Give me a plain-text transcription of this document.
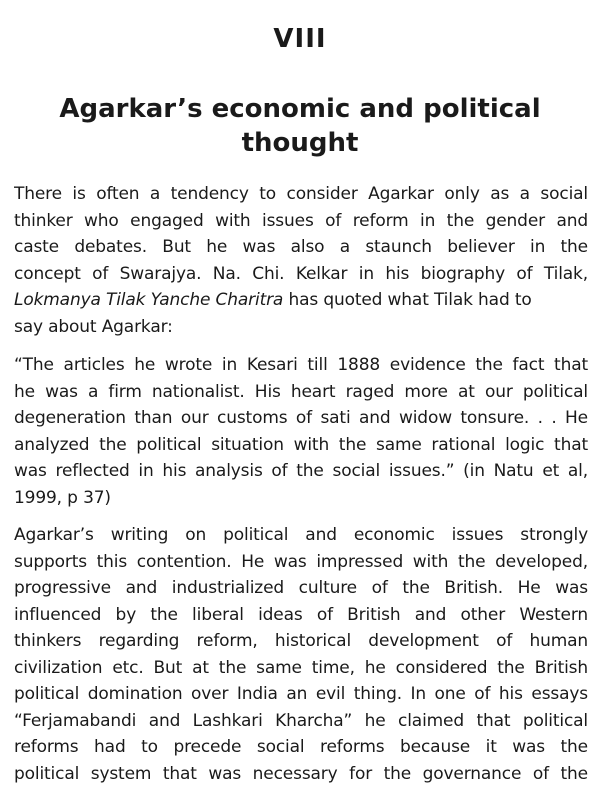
VIII
Agarkar’s economic and political
thought
There is often a tendency to consider Agarkar only as a social
thinker who engaged with issues of reform in the gender and
caste debates. But he was also a staunch believer in the
concept of Swarajya. Na. Chi. Kelkar in his biography of Tilak,
Lokmanya Tilak Yanche Charitra has quoted what Tilak had to
say about Agarkar:
“The articles he wrote in Kesari till 1888 evidence the fact that
he was a firm nationalist. His heart raged more at our political
degeneration than our customs of sati and widow tonsure. . . He
analyzed the political situation with the same rational logic that
was reflected in his analysis of the social issues.” (in Natu et al,
1999, p 37)
Agarkar’s writing on political and economic issues strongly
supports this contention. He was impressed with the developed,
progressive and industrialized culture of the British. He was
influenced by the liberal ideas of British and other Western
thinkers regarding reform, historical development of human
civilization etc. But at the same time, he considered the British
political domination over India an evil thing. In one of his essays
“Ferjamabandi and Lashkari Kharcha” he claimed that political
reforms had to precede social reforms because it was the
political system that was necessary for the governance of the
